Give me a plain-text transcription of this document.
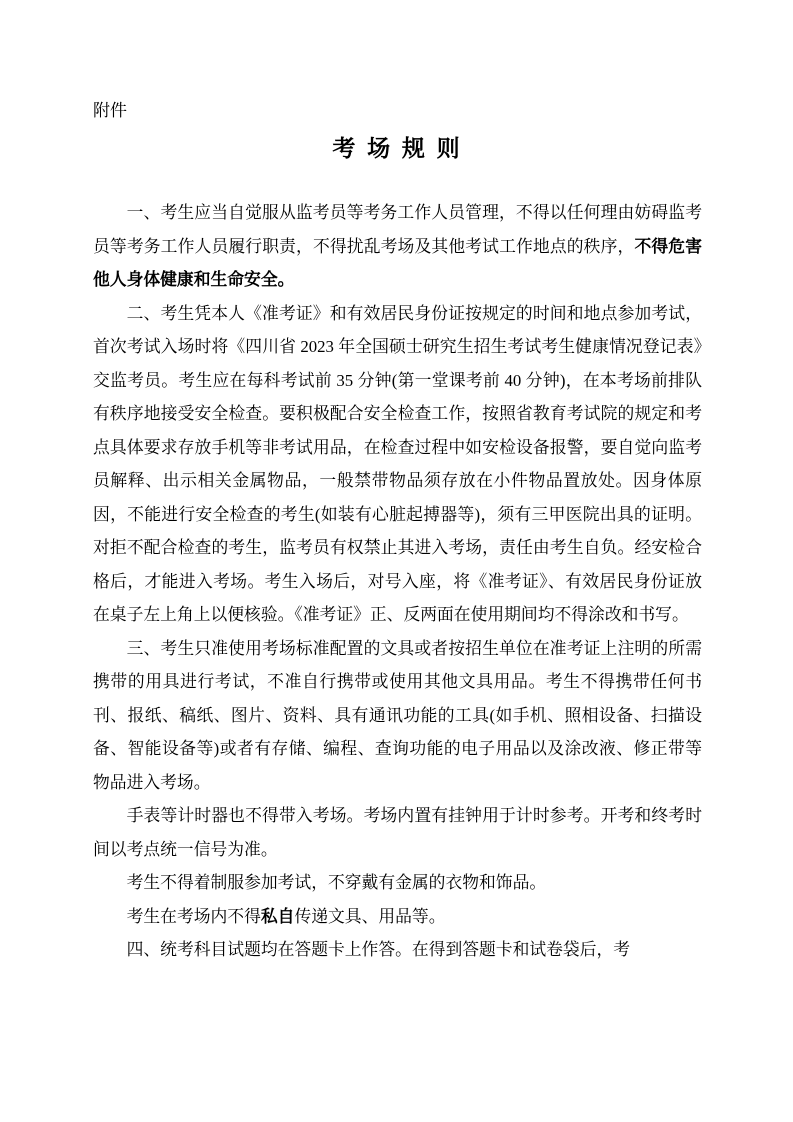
附件
考 场 规 则

一、考生应当自觉服从监考员等考务工作人员管理，不得以任何理由妨碍监考员等考务工作人员履行职责，不得扰乱考场及其他考试工作地点的秩序，不得危害他人身体健康和生命安全。

二、考生凭本人《准考证》和有效居民身份证按规定的时间和地点参加考试，首次考试入场时将《四川省 2023 年全国硕士研究生招生考试考生健康情况登记表》交监考员。考生应在每科考试前 35 分钟(第一堂课考前 40 分钟)，在本考场前排队有秩序地接受安全检查。要积极配合安全检查工作，按照省教育考试院的规定和考点具体要求存放手机等非考试用品，在检查过程中如安检设备报警，要自觉向监考员解释、出示相关金属物品，一般禁带物品须存放在小件物品置放处。因身体原因，不能进行安全检查的考生(如装有心脏起搏器等)，须有三甲医院出具的证明。对拒不配合检查的考生，监考员有权禁止其进入考场，责任由考生自负。经安检合格后，才能进入考场。考生入场后，对号入座，将《准考证》、有效居民身份证放在桌子左上角上以便核验。《准考证》正、反两面在使用期间均不得涂改和书写。

三、考生只准使用考场标准配置的文具或者按招生单位在准考证上注明的所需携带的用具进行考试，不准自行携带或使用其他文具用品。考生不得携带任何书刊、报纸、稿纸、图片、资料、具有通讯功能的工具(如手机、照相设备、扫描设备、智能设备等)或者有存储、编程、查询功能的电子用品以及涂改液、修正带等物品进入考场。

手表等计时器也不得带入考场。考场内置有挂钟用于计时参考。开考和终考时间以考点统一信号为准。

考生不得着制服参加考试，不穿戴有金属的衣物和饰品。

考生在考场内不得私自传递文具、用品等。

四、统考科目试题均在答题卡上作答。在得到答题卡和试卷袋后，考
